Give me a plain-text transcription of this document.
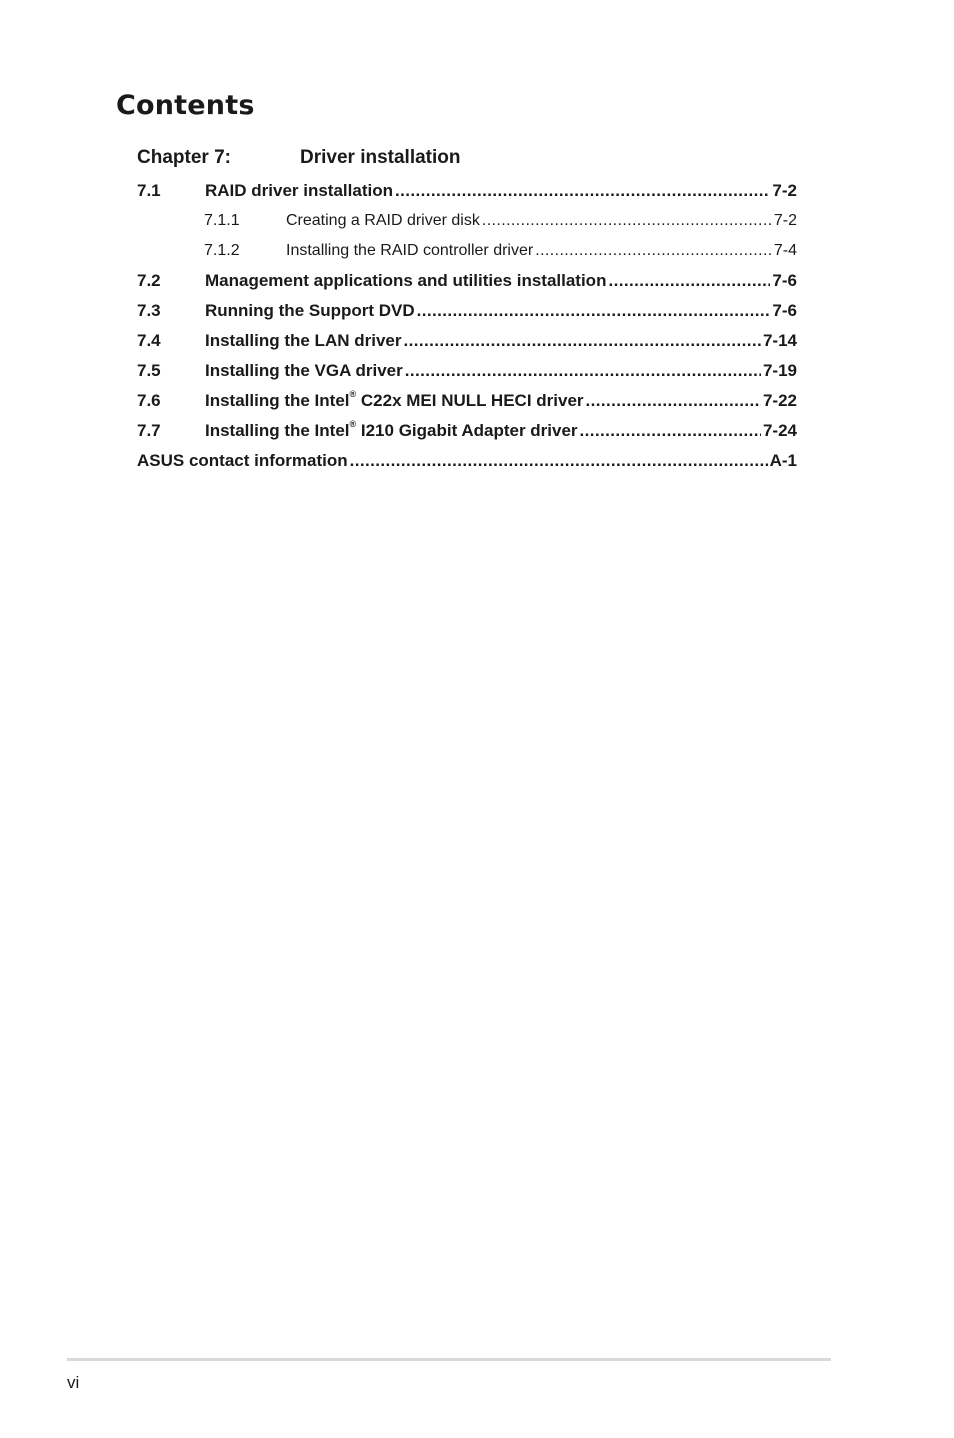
Contents
Chapter 7:	Driver installation
7.1	RAID driver installation .....	7-2
7.1.1	Creating a RAID driver disk .....	7-2
7.1.2	Installing the RAID controller driver .....	7-4
7.2	Management applications and utilities installation .....	7-6
7.3	Running the Support DVD .....	7-6
7.4	Installing the LAN driver .....	7-14
7.5	Installing the VGA driver .....	7-19
7.6	Installing the Intel® C22x MEI NULL HECI driver .....	7-22
7.7	Installing the Intel® I210 Gigabit Adapter driver .....	7-24
ASUS contact information .....	A-1
vi
